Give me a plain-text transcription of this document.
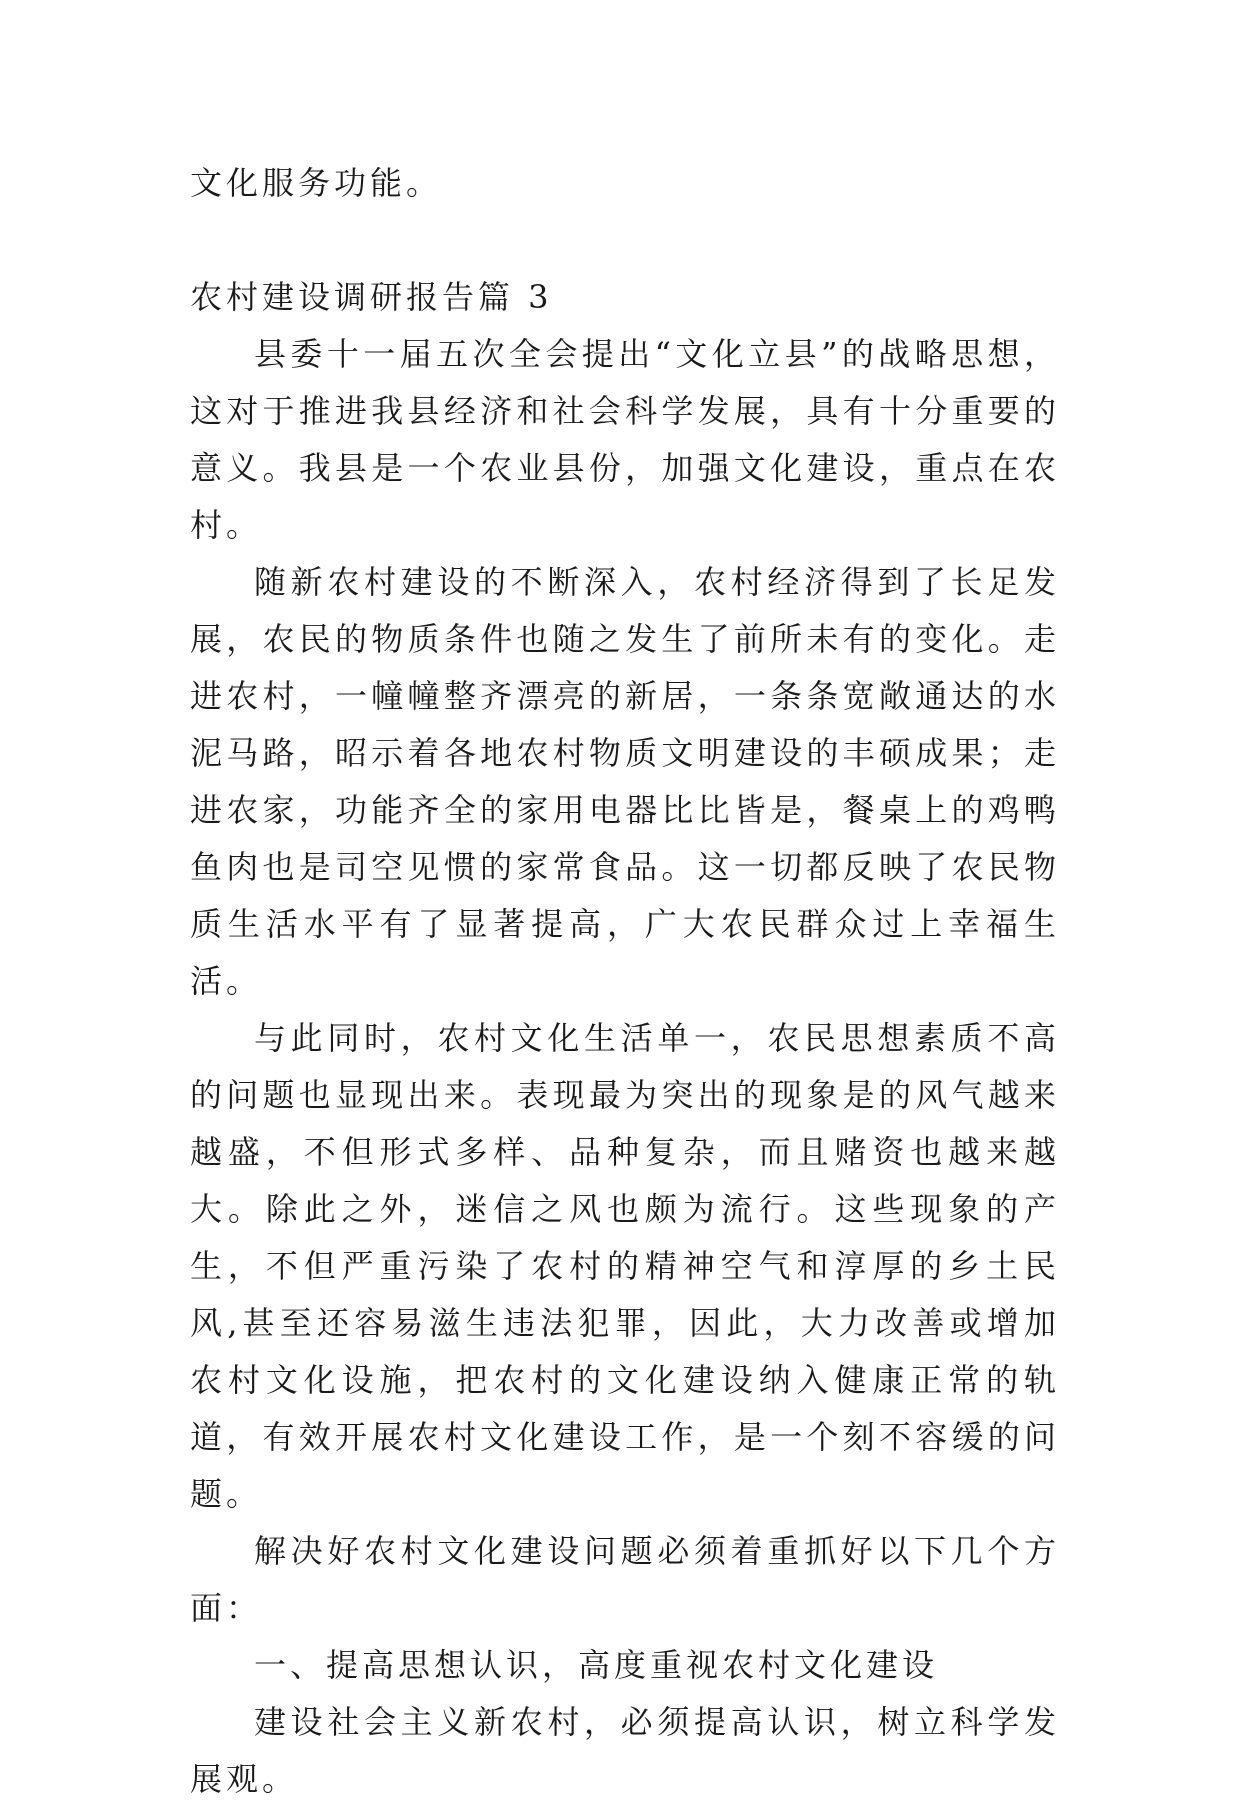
文化服务功能。

农村建设调研报告篇 3

县委十一届五次全会提出“文化立县”的战略思想，这对于推进我县经济和社会科学发展，具有十分重要的意义。我县是一个农业县份，加强文化建设，重点在农村。

随新农村建设的不断深入，农村经济得到了长足发展，农民的物质条件也随之发生了前所未有的变化。走进农村，一幢幢整齐漂亮的新居，一条条宽敞通达的水泥马路，昭示着各地农村物质文明建设的丰硕成果；走进农家，功能齐全的家用电器比比皆是，餐桌上的鸡鸭鱼肉也是司空见惯的家常食品。这一切都反映了农民物质生活水平有了显著提高，广大农民群众过上幸福生活。

与此同时，农村文化生活单一，农民思想素质不高的问题也显现出来。表现最为突出的现象是的风气越来越盛，不但形式多样、品种复杂，而且赌资也越来越大。除此之外，迷信之风也颇为流行。这些现象的产生，不但严重污染了农村的精神空气和淳厚的乡土民风,甚至还容易滋生违法犯罪，因此，大力改善或增加农村文化设施，把农村的文化建设纳入健康正常的轨道，有效开展农村文化建设工作，是一个刻不容缓的问题。

解决好农村文化建设问题必须着重抓好以下几个方面：

一、提高思想认识，高度重视农村文化建设

建设社会主义新农村，必须提高认识，树立科学发展观。
